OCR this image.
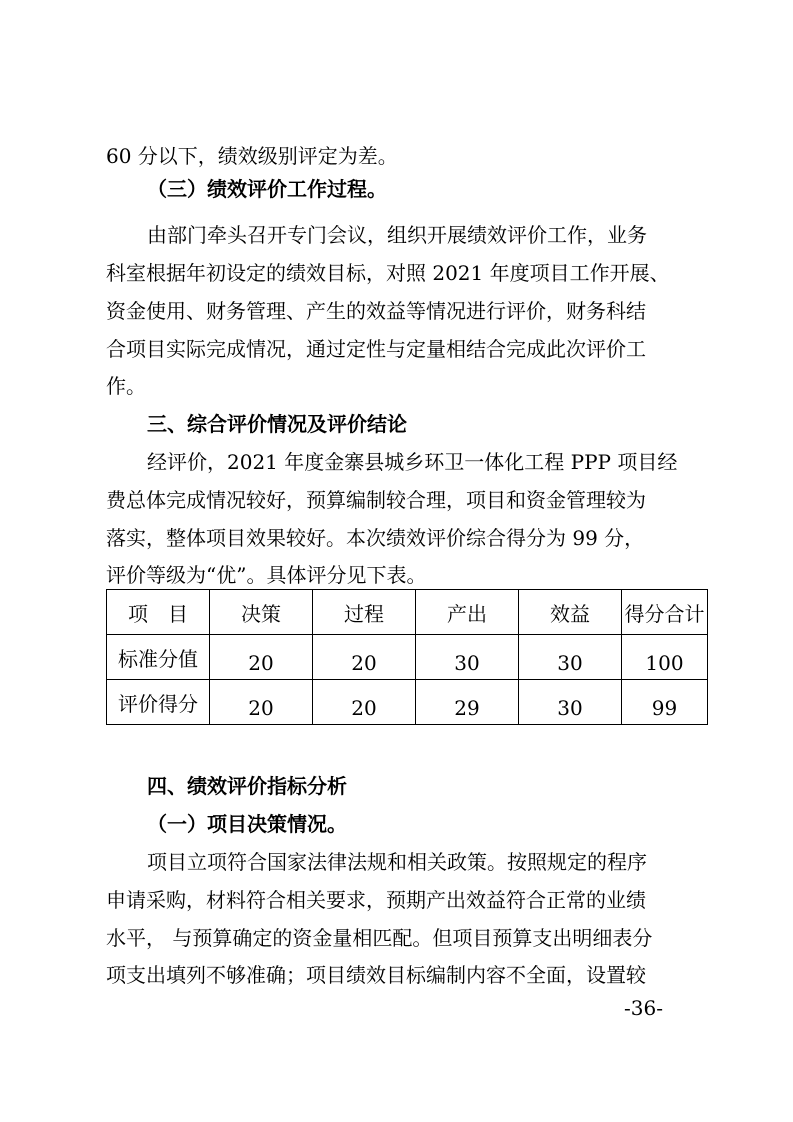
60 分以下，绩效级别评定为差。
（三）绩效评价工作过程。
由部门牵头召开专门会议，组织开展绩效评价工作，业务
科室根据年初设定的绩效目标，对照 2021 年度项目工作开展、
资金使用、财务管理、产生的效益等情况进行评价，财务科结
合项目实际完成情况，通过定性与定量相结合完成此次评价工
作。
三、综合评价情况及评价结论
经评价，2021 年度金寨县城乡环卫一体化工程 PPP 项目经
费总体完成情况较好，预算编制较合理，项目和资金管理较为
落实，整体项目效果较好。本次绩效评价综合得分为 99 分，
评价等级为“优”。具体评分见下表。
项　目	决策	过程	产出	效益	得分合计
标准分值	20	20	30	30	100
评价得分	20	20	29	30	99
四、绩效评价指标分析
（一）项目决策情况。
项目立项符合国家法律法规和相关政策。按照规定的程序
申请采购，材料符合相关要求，预期产出效益符合正常的业绩
水平， 与预算确定的资金量相匹配。但项目预算支出明细表分
项支出填列不够准确；项目绩效目标编制内容不全面，设置较
-36-
